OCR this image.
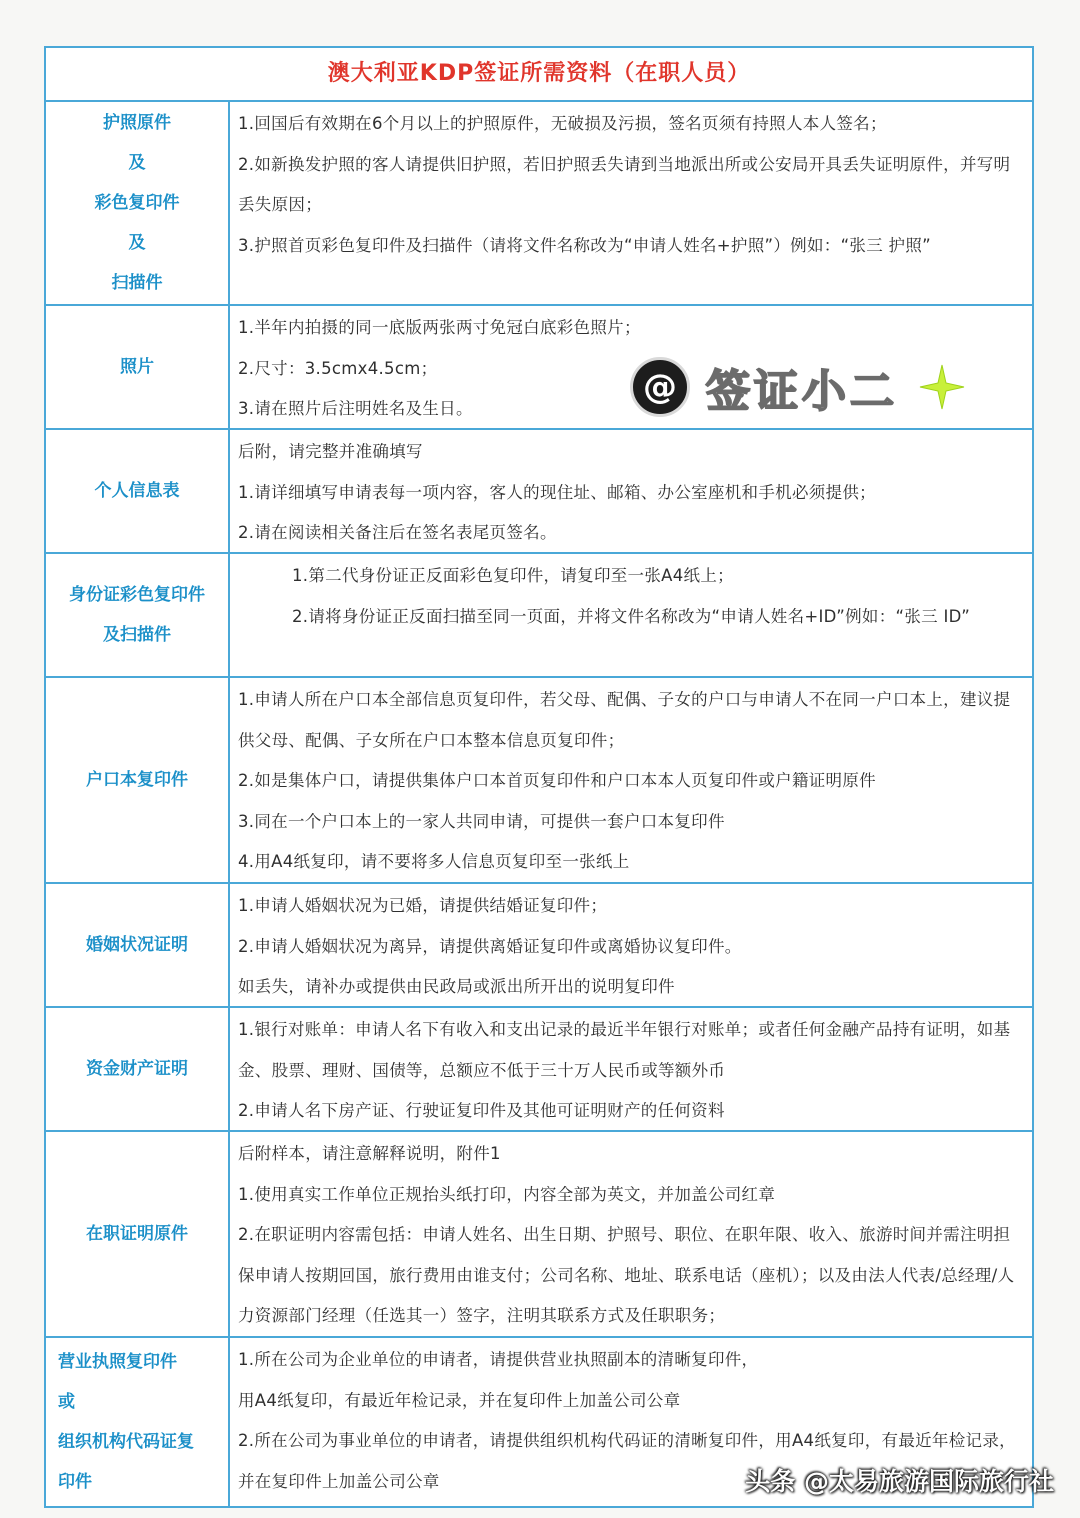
澳大利亚KDP签证所需资料（在职人员）
护照原件
及
彩色复印件
及
扫描件

1.回国后有效期在6个月以上的护照原件，无破损及污损，签名页须有持照人本人签名；

2.如新换发护照的客人请提供旧护照，若旧护照丢失请到当地派出所或公安局开具丢失证明原件，并写明丢失原因；

3.护照首页彩色复印件及扫描件（请将文件名称改为“申请人姓名+护照”）例如：“张三 护照”

照片

1.半年内拍摄的同一底版两张两寸免冠白底彩色照片；

2.尺寸：3.5cmx4.5cm；

3.请在照片后注明姓名及生日。

个人信息表

后附，请完整并准确填写

1.请详细填写申请表每一项内容，客人的现住址、邮箱、办公室座机和手机必须提供；

2.请在阅读相关备注后在签名表尾页签名。

身份证彩色复印件
及扫描件

1.第二代身份证正反面彩色复印件，请复印至一张A4纸上；

2.请将身份证正反面扫描至同一页面，并将文件名称改为“申请人姓名+ID”例如：“张三 ID”

户口本复印件

1.申请人所在户口本全部信息页复印件，若父母、配偶、子女的户口与申请人不在同一户口本上，建议提供父母、配偶、子女所在户口本整本信息页复印件；

2.如是集体户口，请提供集体户口本首页复印件和户口本本人页复印件或户籍证明原件

3.同在一个户口本上的一家人共同申请，可提供一套户口本复印件

4.用A4纸复印，请不要将多人信息页复印至一张纸上

婚姻状况证明

1.申请人婚姻状况为已婚，请提供结婚证复印件；

2.申请人婚姻状况为离异，请提供离婚证复印件或离婚协议复印件。

如丢失，请补办或提供由民政局或派出所开出的说明复印件

资金财产证明

1.银行对账单：申请人名下有收入和支出记录的最近半年银行对账单；或者任何金融产品持有证明，如基金、股票、理财、国债等，总额应不低于三十万人民币或等额外币

2.申请人名下房产证、行驶证复印件及其他可证明财产的任何资料

在职证明原件

后附样本，请注意解释说明，附件1

1.使用真实工作单位正规抬头纸打印，内容全部为英文，并加盖公司红章

2.在职证明内容需包括：申请人姓名、出生日期、护照号、职位、在职年限、收入、旅游时间并需注明担保申请人按期回国，旅行费用由谁支付；公司名称、地址、联系电话（座机）；以及由法人代表/总经理/人力资源部门经理（任选其一）签字，注明其联系方式及任职职务；

营业执照复印件
或
组织机构代码证复
印件

1.所在公司为企业单位的申请者，请提供营业执照副本的清晰复印件，

用A4纸复印，有最近年检记录，并在复印件上加盖公司公章

2.所在公司为事业单位的申请者，请提供组织机构代码证的清晰复印件，用A4纸复印，有最近年检记录，并在复印件上加盖公司公章

@ 签证小二
头条 @太易旅游国际旅行社
